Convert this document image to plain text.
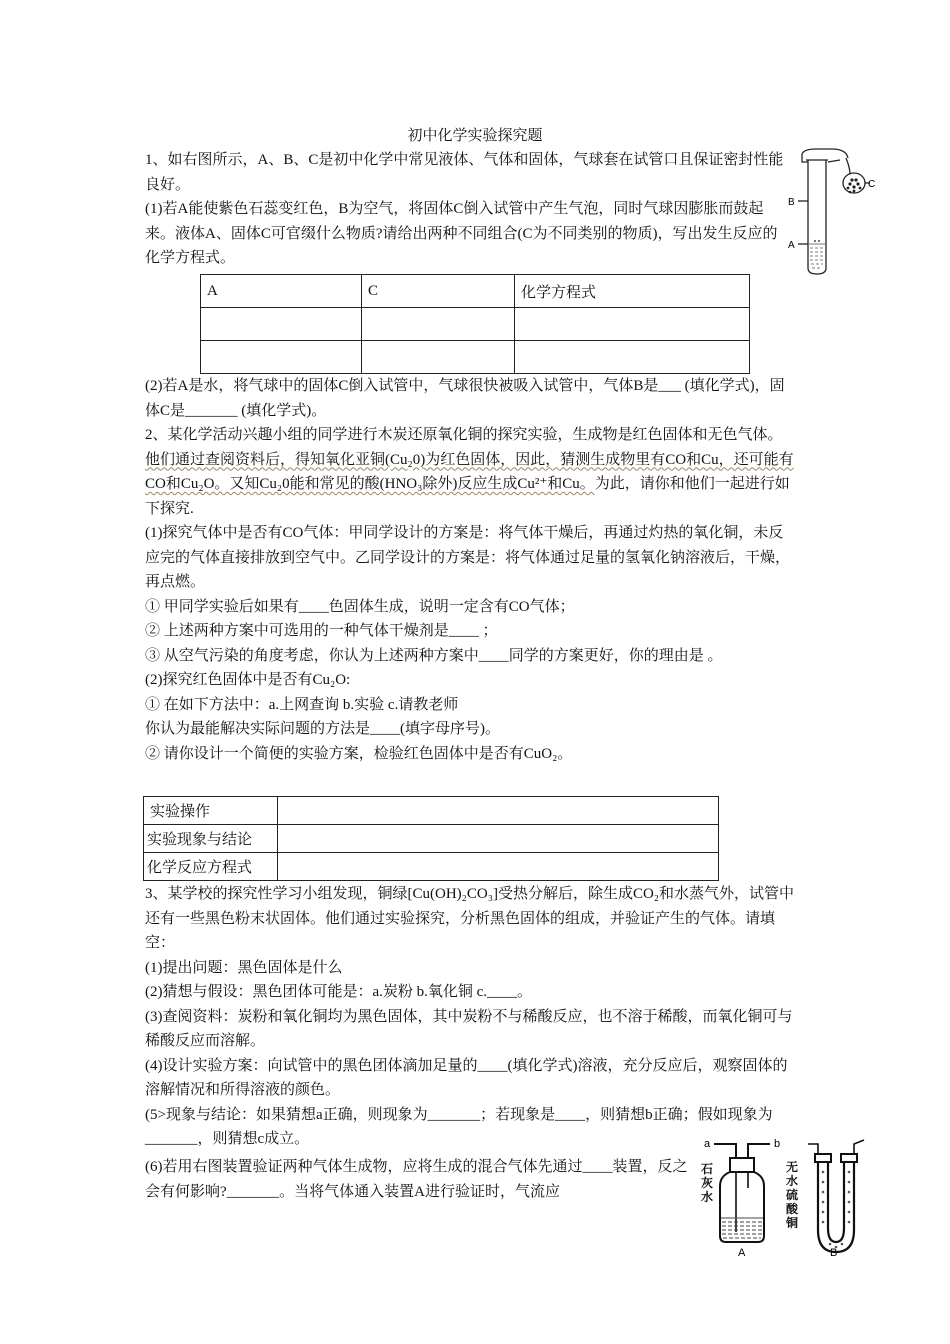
初中化学实验探究题

1、如右图所示，A、B、C是初中化学中常见液体、气体和固体，气球套在试管口且保证密封性能良好。

(1)若A能使紫色石蕊变红色，B为空气，将固体C倒入试管中产生气泡，同时气球因膨胀而鼓起来。液体A、固体C可官缀什么物质?请给出两种不同组合(C为不同类别的物质)，写出发生反应的化学方程式。

B
A
C
A	C	化学方程式

(2)若A是水，将气球中的固体C倒入试管中，气球很快被吸入试管中，气体B是___ (填化学式)，固体C是_______ (填化学式)。

2、某化学活动兴趣小组的同学进行木炭还原氧化铜的探究实验，生成物是红色固体和无色气体。他们通过查阅资料后，得知氧化亚铜(Cu₂0)为红色固体，因此，猜测生成物里有CO和Cu，还可能有CO和Cu₂O。又知Cu₂0能和常见的酸(HNO₃除外)反应生成Cu²⁺和Cu。为此，请你和他们一起进行如下探究.

(1)探究气体中是否有CO气体：甲同学设计的方案是：将气体干燥后，再通过灼热的氧化铜，未反应完的气体直接排放到空气中。乙同学设计的方案是：将气体通过足量的氢氧化钠溶液后，干燥，再点燃。

① 甲同学实验后如果有____色固体生成，说明一定含有CO气体；

② 上述两种方案中可选用的一种气体干燥剂是____ ；

③ 从空气污染的角度考虑，你认为上述两种方案中____同学的方案更好，你的理由是 。

(2)探究红色固体中是否有Cu₂O:

① 在如下方法中：a.上网查询 b.实验 c.请教老师

你认为最能解决实际问题的方法是____(填字母序号)。

② 请你设计一个简便的实验方案，检验红色固体中是否有CuO₂。

实验操作	
实验现象与结论	
化学反应方程式	

3、某学校的探究性学习小组发现，铜绿[Cu(OH)₂CO₃]受热分解后，除生成CO₂和水蒸气外，试管中还有一些黑色粉末状固体。他们通过实验探究，分析黑色固体的组成，并验证产生的气体。请填空：

(1)提出问题：黑色固体是什么

(2)猜想与假设：黑色团体可能是：a.炭粉 b.氧化铜 c.____。

(3)查阅资料：炭粉和氧化铜均为黑色固体，其中炭粉不与稀酸反应，也不溶于稀酸，而氧化铜可与稀酸反应而溶解。

(4)设计实验方案：向试管中的黑色团体滴加足量的____(填化学式)溶液，充分反应后，观察固体的溶解情况和所得溶液的颜色。

(5>现象与结论：如果猜想a正确，则现象为_______；若现象是____，则猜想b正确；假如现象为_______，则猜想c成立。

(6)若用右图装置验证两种气体生成物，应将生成的混合气体先通过____装置，反之会有何影响?_______。当将气体通入装置A进行验证时，气流应

a	b
A	B
石灰水
无水硫酸铜
